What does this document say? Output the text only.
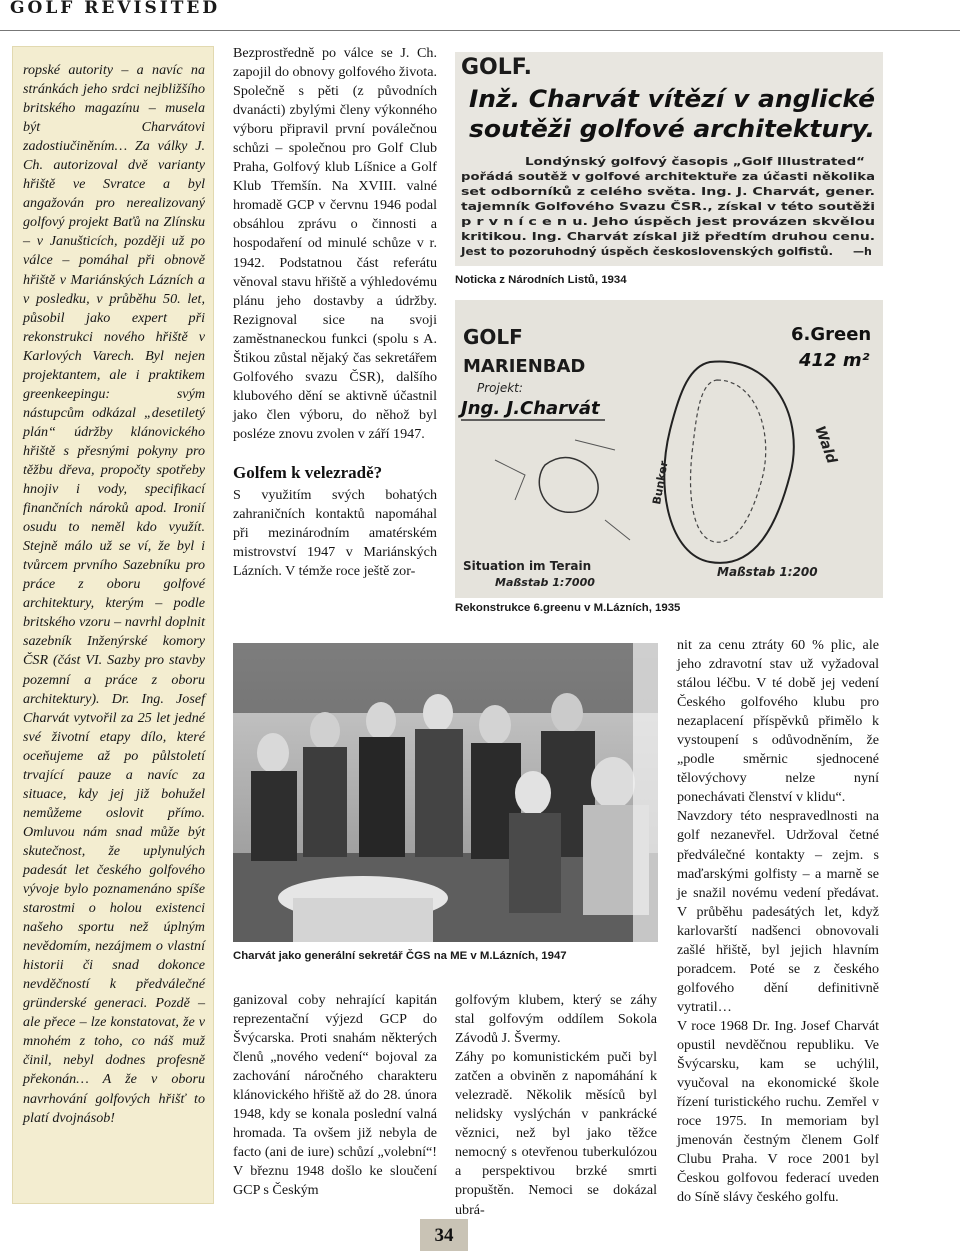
GOLF REVISITED

ropské autority – a navíc na stránkách jeho srdci nejbližšího britského magazínu – musela být Charvátovi zadostiučiněním… Za války J. Ch. autorizoval dvě varianty hřiště ve Svratce a byl angažován pro nerealizovaný golfový projekt Baťů na Zlínsku – v Janušticích, později už po válce – pomáhal při obnově hřiště v Mariánských Lázních a v posledku, v průběhu 50. let, působil jako expert při rekonstrukci nového hřiště v Karlových Varech. Byl nejen projektantem, ale i praktikem greenkeepingu: svým nástupcům odkázal „desetiletý plán“ údržby klánovického hřiště s přesnými pokyny pro těžbu dřeva, propočty spotřeby hnojiv i vody, specifikací finančních nároků apod. Ironií osudu to neměl kdo využít. Stejně málo už se ví, že byl i tvůrcem prvního Sazebníku pro práce z oboru golfové architektury, kterým – podle britského vzoru – navrhl doplnit sazebník Inženýrské komory ČSR (část VI. Sazby pro stavby pozemní a práce z oboru architektury). Dr. Ing. Josef Charvát vytvořil za 25 let jedné své životní etapy dílo, které oceňujeme až po půlstoletí trvající pauze a navíc za situace, kdy jej již bohužel nemůžeme oslovit přímo. Omluvou nám snad může být skutečnost, že uplynulých padesát let českého golfového vývoje bylo poznamenáno spíše starostmi o holou existenci našeho sportu než úplným nevědomím, nezájmem o vlastní historii či snad dokonce nevděčností k předválečné gründerské generaci. Pozdě – ale přece – lze konstatovat, že v mnohém z toho, co náš muž činil, nebyl dodnes profesně překonán… A že v oboru navrhování golfových hřišť to platí dvojnásob!

Bezprostředně po válce se J. Ch. zapojil do obnovy golfového života. Společně s pěti (z původních dvanácti) zbylými členy výkonného výboru připravil první poválečnou schůzi – společnou pro Golf Club Praha, Golfový klub Líšnice a Golf Klub Třemšín. Na XVIII. valné hromadě GCP v červnu 1946 podal obsáhlou zprávu o činnosti a hospodaření od minulé schůze v r. 1942. Podstatnou část referátu věnoval stavu hřiště a výhledovému plánu jeho dostavby a údržby. Rezignoval sice na svoji zaměstnaneckou funkci (spolu s A. Štikou zůstal nějaký čas sekretářem Golfového svazu ČSR), dalšího klubového dění se aktivně účastnil jako člen výboru, do něhož byl posléze znovu zvolen v září 1947.

Golfem k velezradě?

S využitím svých bohatých zahraničních kontaktů napomáhal při mezinárodním amatérském mistrovství 1947 v Mariánských Lázních. V témže roce ještě zor-

GOLF.
Inž. Charvát vítězí v anglické
soutěži golfové architektury.
Londýnský golfový časopis „Golf Illustrated“
pořádá soutěž v golfové architektuře za účasti několika
set odborníků z celého světa. Ing. J. Charvát, gener.
tajemník Golfového Svazu ČSR., získal v této soutěži
p r v n í c e n u. Jeho úspěch jest provázen skvělou
kritikou. Ing. Charvát získal již předtím druhou cenu.
Jest to pozoruhodný úspěch československých golfistů. —h
Noticka z Národních Listů, 1934
GOLF
MARIENBAD
Projekt:
Jng. J.Charvát
6.Green
412 m²
Wald
Bunker
Situation im Terain
Maßstab 1:7000
Maßstab 1:200
Rekonstrukce 6.greenu v M.Lázních, 1935
Charvát jako generální sekretář ČGS na ME v M.Lázních, 1947

ganizoval coby nehrající kapitán reprezentační výjezd GCP do Švýcarska. Proti snahám některých členů „nového vedení“ bojoval za zachování náročného charakteru klánovického hřiště až do 28. února 1948, kdy se konala poslední valná hromada. Ta ovšem již nebyla de facto (ani de iure) schůzí „volební“! V březnu 1948 došlo ke sloučení GCP s Českým

golfovým klubem, který se záhy stal golfovým oddílem Sokola Závodů J. Švermy.

Záhy po komunistickém puči byl zatčen a obviněn z napomáhání k velezradě. Několik měsíců byl nelidsky vyslýchán v pankrácké věznici, než byl jako těžce nemocný s otevřenou tuberkulózou a perspektivou brzké smrti propuštěn. Nemoci se dokázal ubrá-

nit za cenu ztráty 60 % plic, ale jeho zdravotní stav už vyžadoval stálou léčbu. V té době jej vedení Českého golfového klubu pro nezaplacení příspěvků přimělo k vystoupení s odůvodněním, že „podle směrnic sjednocené tělovýchovy nelze nyní ponechávati členství v klidu“.

Navzdory této nespravedlnosti na golf nezanevřel. Udržoval četné předválečné kontakty – zejm. s maďarskými golfisty – a marně se je snažil novému vedení předávat. V průběhu padesátých let, když karlovarští nadšenci obnovovali zašlé hřiště, byl jejich hlavním poradcem. Poté se z českého golfového dění definitivně vytratil…

V roce 1968 Dr. Ing. Josef Charvát opustil nevděčnou republiku. Ve Švýcarsku, kam se uchýlil, vyučoval na ekonomické škole řízení turistického ruchu. Zemřel v roce 1975. In memoriam byl jmenován čestným členem Golf Clubu Praha. V roce 2001 byl Českou golfovou federací uveden do Síně slávy českého golfu.

34
